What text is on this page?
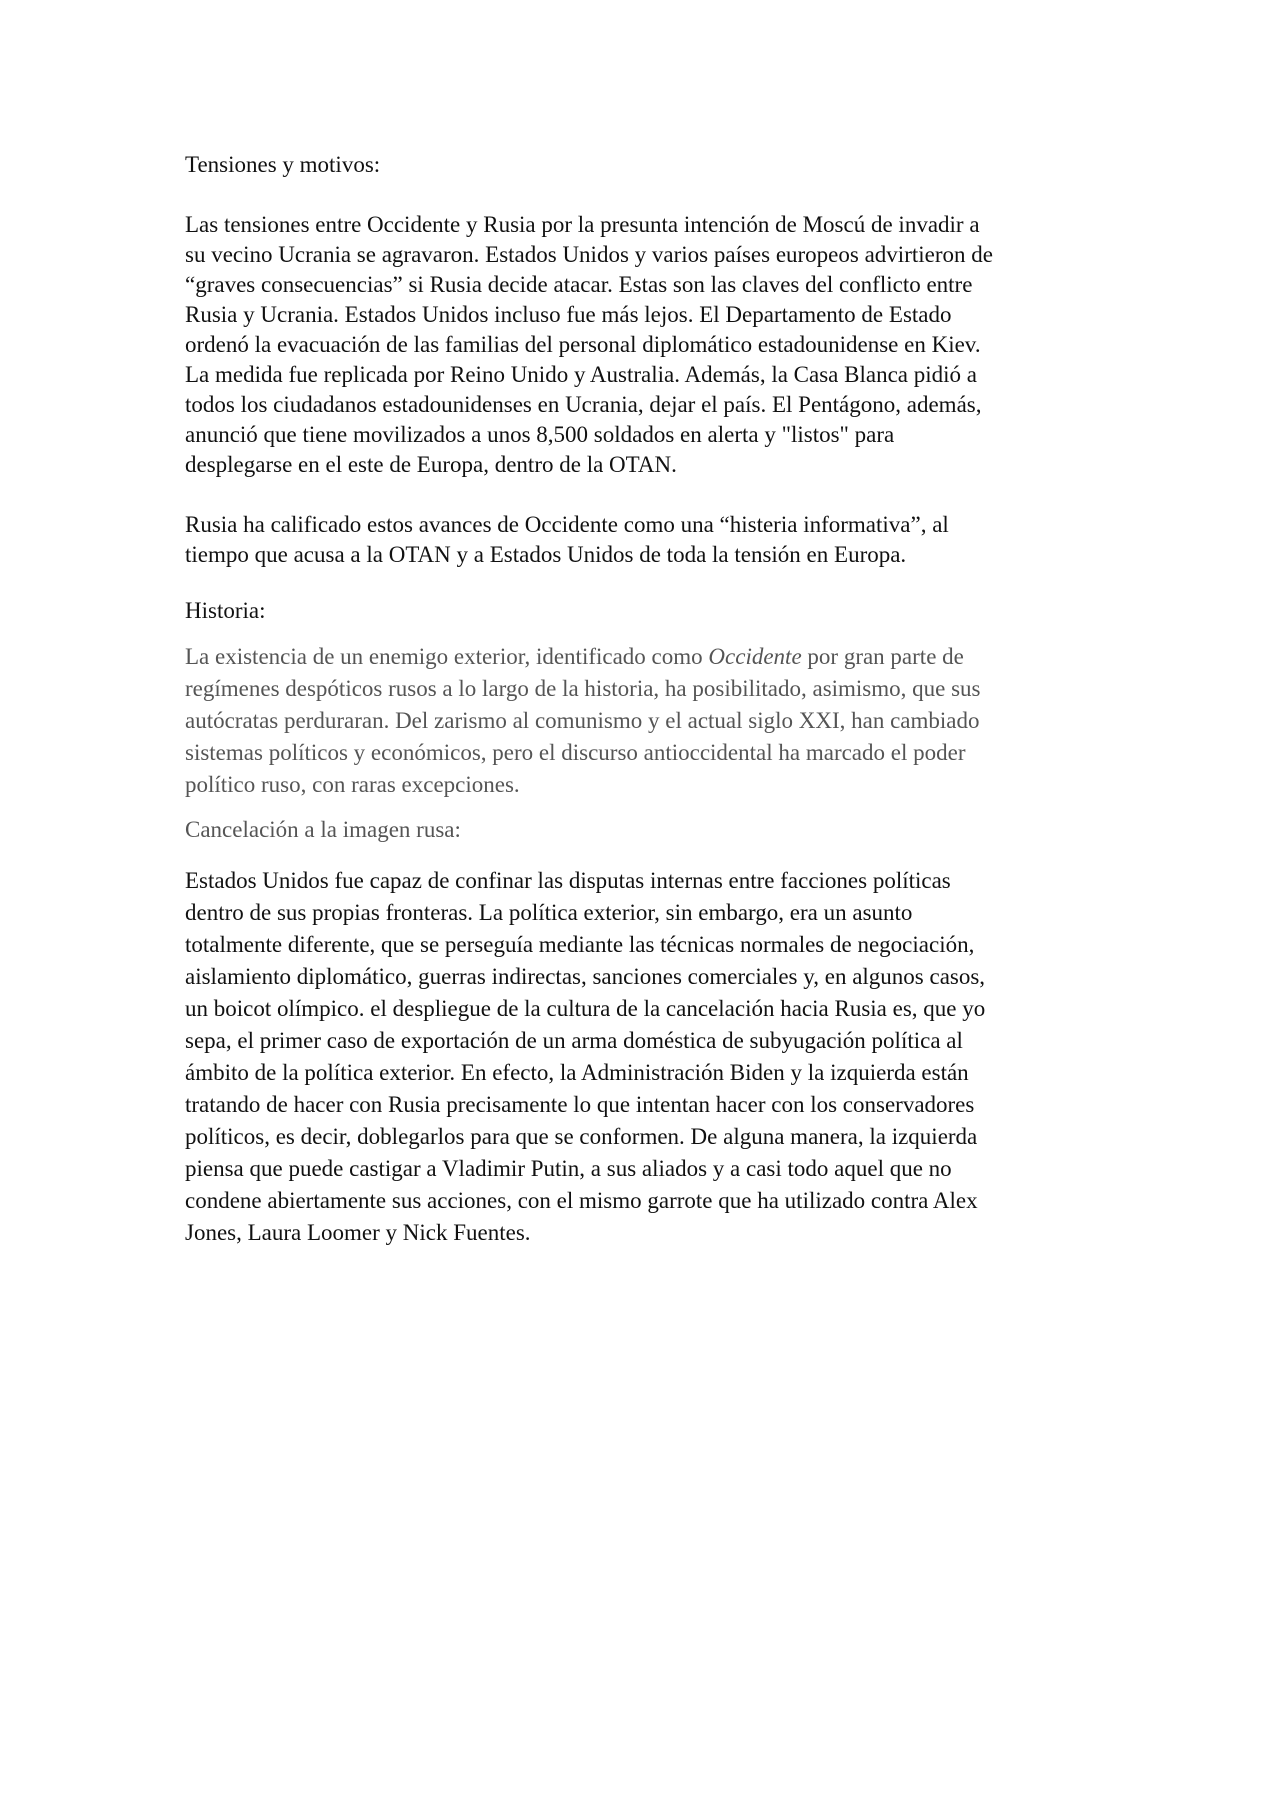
Tensiones y motivos:

Las tensiones entre Occidente y Rusia por la presunta intención de Moscú de invadir a
su vecino Ucrania se agravaron. Estados Unidos y varios países europeos advirtieron de
“graves consecuencias” si Rusia decide atacar. Estas son las claves del conflicto entre
Rusia y Ucrania. Estados Unidos incluso fue más lejos. El Departamento de Estado
ordenó la evacuación de las familias del personal diplomático estadounidense en Kiev.
La medida fue replicada por Reino Unido y Australia. Además, la Casa Blanca pidió a
todos los ciudadanos estadounidenses en Ucrania, dejar el país. El Pentágono, además,
anunció que tiene movilizados a unos 8,500 soldados en alerta y "listos" para
desplegarse en el este de Europa, dentro de la OTAN.

Rusia ha calificado estos avances de Occidente como una “histeria informativa”, al
tiempo que acusa a la OTAN y a Estados Unidos de toda la tensión en Europa.

Historia:

La existencia de un enemigo exterior, identificado como Occidente por gran parte de
regímenes despóticos rusos a lo largo de la historia, ha posibilitado, asimismo, que sus
autócratas perduraran. Del zarismo al comunismo y el actual siglo XXI, han cambiado
sistemas políticos y económicos, pero el discurso antioccidental ha marcado el poder
político ruso, con raras excepciones.

Cancelación a la imagen rusa:

Estados Unidos fue capaz de confinar las disputas internas entre facciones políticas
dentro de sus propias fronteras. La política exterior, sin embargo, era un asunto
totalmente diferente, que se perseguía mediante las técnicas normales de negociación,
aislamiento diplomático, guerras indirectas, sanciones comerciales y, en algunos casos,
un boicot olímpico. el despliegue de la cultura de la cancelación hacia Rusia es, que yo
sepa, el primer caso de exportación de un arma doméstica de subyugación política al
ámbito de la política exterior. En efecto, la Administración Biden y la izquierda están
tratando de hacer con Rusia precisamente lo que intentan hacer con los conservadores
políticos, es decir, doblegarlos para que se conformen. De alguna manera, la izquierda
piensa que puede castigar a Vladimir Putin, a sus aliados y a casi todo aquel que no
condene abiertamente sus acciones, con el mismo garrote que ha utilizado contra Alex
Jones, Laura Loomer y Nick Fuentes.
